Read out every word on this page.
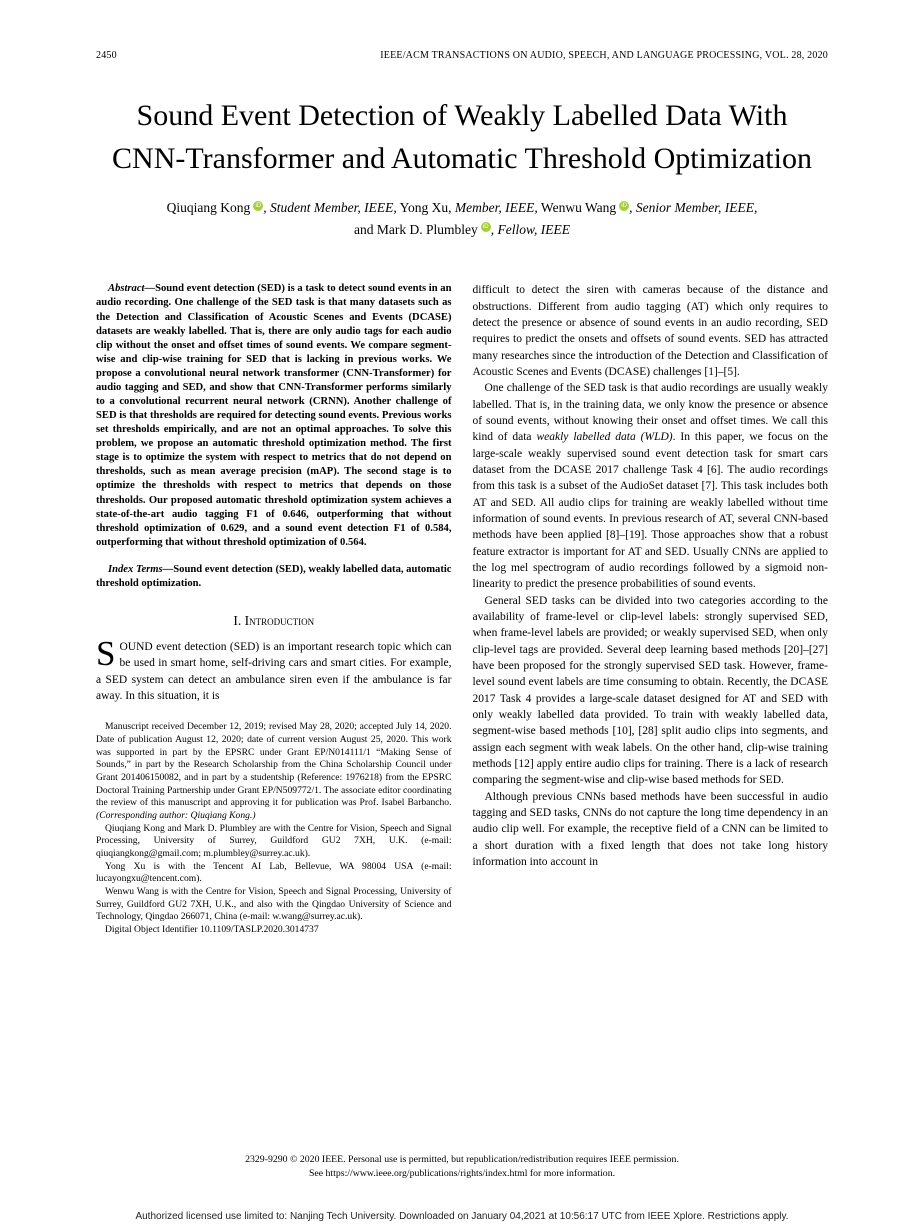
2450	IEEE/ACM TRANSACTIONS ON AUDIO, SPEECH, AND LANGUAGE PROCESSING, VOL. 28, 2020
Sound Event Detection of Weakly Labelled Data With CNN-Transformer and Automatic Threshold Optimization
Qiuqiang Kong iD , Student Member, IEEE, Yong Xu, Member, IEEE, Wenwu Wang iD , Senior Member, IEEE,
and Mark D. Plumbley iD , Fellow, IEEE

Abstract—Sound event detection (SED) is a task to detect sound events in an audio recording. One challenge of the SED task is that many datasets such as the Detection and Classification of Acoustic Scenes and Events (DCASE) datasets are weakly labelled. That is, there are only audio tags for each audio clip without the onset and offset times of sound events. We compare segment-wise and clip-wise training for SED that is lacking in previous works. We propose a convolutional neural network transformer (CNN-Transformer) for audio tagging and SED, and show that CNN-Transformer performs similarly to a convolutional recurrent neural network (CRNN). Another challenge of SED is that thresholds are required for detecting sound events. Previous works set thresholds empirically, and are not an optimal approaches. To solve this problem, we propose an automatic threshold optimization method. The first stage is to optimize the system with respect to metrics that do not depend on thresholds, such as mean average precision (mAP). The second stage is to optimize the thresholds with respect to metrics that depends on those thresholds. Our proposed automatic threshold optimization system achieves a state-of-the-art audio tagging F1 of 0.646, outperforming that without threshold optimization of 0.629, and a sound event detection F1 of 0.584, outperforming that without threshold optimization of 0.564.

Index Terms—Sound event detection (SED), weakly labelled data, automatic threshold optimization.

I. Introduction

SOUND event detection (SED) is an important research topic which can be used in smart home, self-driving cars and smart cities. For example, a SED system can detect an ambulance siren even if the ambulance is far away. In this situation, it is

Manuscript received December 12, 2019; revised May 28, 2020; accepted July 14, 2020. Date of publication August 12, 2020; date of current version August 25, 2020. This work was supported in part by the EPSRC under Grant EP/N014111/1 “Making Sense of Sounds,” in part by the Research Scholarship from the China Scholarship Council under Grant 201406150082, and in part by a studentship (Reference: 1976218) from the EPSRC Doctoral Training Partnership under Grant EP/N509772/1. The associate editor coordinating the review of this manuscript and approving it for publication was Prof. Isabel Barbancho. (Corresponding author: Qiuqiang Kong.)

Qiuqiang Kong and Mark D. Plumbley are with the Centre for Vision, Speech and Signal Processing, University of Surrey, Guildford GU2 7XH, U.K. (e-mail: qiuqiangkong@gmail.com; m.plumbley@surrey.ac.uk).

Yong Xu is with the Tencent AI Lab, Bellevue, WA 98004 USA (e-mail: lucayongxu@tencent.com).

Wenwu Wang is with the Centre for Vision, Speech and Signal Processing, University of Surrey, Guildford GU2 7XH, U.K., and also with the Qingdao University of Science and Technology, Qingdao 266071, China (e-mail: w.wang@surrey.ac.uk).

Digital Object Identifier 10.1109/TASLP.2020.3014737

difficult to detect the siren with cameras because of the distance and obstructions. Different from audio tagging (AT) which only requires to detect the presence or absence of sound events in an audio recording, SED requires to predict the onsets and offsets of sound events. SED has attracted many researches since the introduction of the Detection and Classification of Acoustic Scenes and Events (DCASE) challenges [1]–[5].

One challenge of the SED task is that audio recordings are usually weakly labelled. That is, in the training data, we only know the presence or absence of sound events, without knowing their onset and offset times. We call this kind of data weakly labelled data (WLD). In this paper, we focus on the large-scale weakly supervised sound event detection task for smart cars dataset from the DCASE 2017 challenge Task 4 [6]. The audio recordings from this task is a subset of the AudioSet dataset [7]. This task includes both AT and SED. All audio clips for training are weakly labelled without time information of sound events. In previous research of AT, several CNN-based methods have been applied [8]–[19]. Those approaches show that a robust feature extractor is important for AT and SED. Usually CNNs are applied to the log mel spectrogram of audio recordings followed by a sigmoid non-linearity to predict the presence probabilities of sound events.

General SED tasks can be divided into two categories according to the availability of frame-level or clip-level labels: strongly supervised SED, when frame-level labels are provided; or weakly supervised SED, when only clip-level tags are provided. Several deep learning based methods [20]–[27] have been proposed for the strongly supervised SED task. However, frame-level sound event labels are time consuming to obtain. Recently, the DCASE 2017 Task 4 provides a large-scale dataset designed for AT and SED with only weakly labelled data provided. To train with weakly labelled data, segment-wise based methods [10], [28] split audio clips into segments, and assign each segment with weak labels. On the other hand, clip-wise training methods [12] apply entire audio clips for training. There is a lack of research comparing the segment-wise and clip-wise based methods for SED.

Although previous CNNs based methods have been successful in audio tagging and SED tasks, CNNs do not capture the long time dependency in an audio clip well. For example, the receptive field of a CNN can be limited to a short duration with a fixed length that does not take long history information into account in

2329-9290 © 2020 IEEE. Personal use is permitted, but republication/redistribution requires IEEE permission.
See https://www.ieee.org/publications/rights/index.html for more information.
Authorized licensed use limited to: Nanjing Tech University. Downloaded on January 04,2021 at 10:56:17 UTC from IEEE Xplore. Restrictions apply.
